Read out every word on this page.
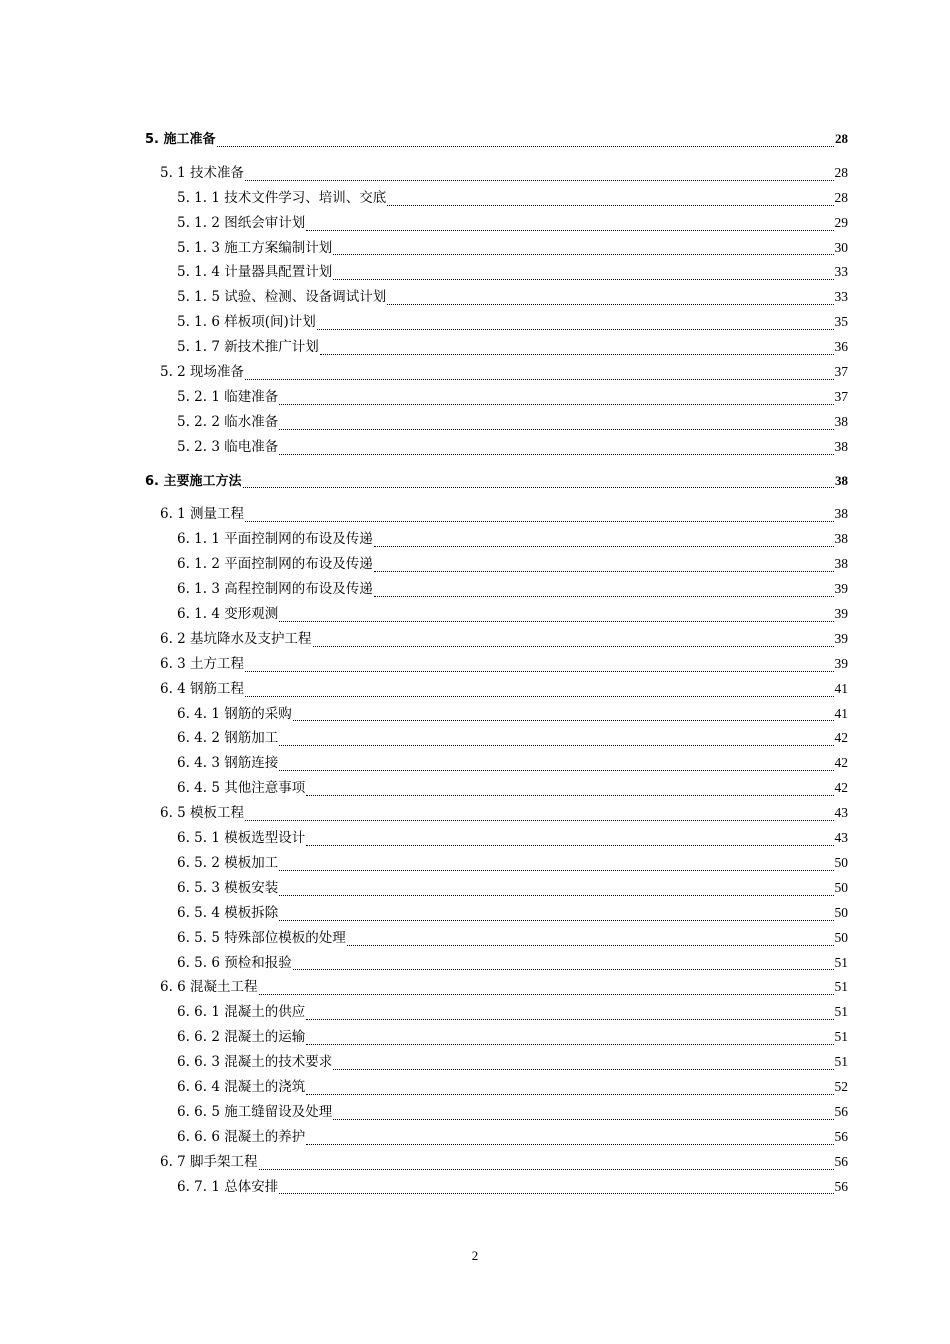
5. 施工准备	28
5. 1 技术准备	28
5. 1. 1 技术文件学习、培训、交底	28
5. 1. 2 图纸会审计划	29
5. 1. 3 施工方案编制计划	30
5. 1. 4 计量器具配置计划	33
5. 1. 5 试验、检测、设备调试计划	33
5. 1. 6 样板项(间)计划	35
5. 1. 7 新技术推广计划	36
5. 2 现场准备	37
5. 2. 1 临建准备	37
5. 2. 2 临水准备	38
5. 2. 3 临电准备	38
6. 主要施工方法	38
6. 1 测量工程	38
6. 1. 1 平面控制网的布设及传递	38
6. 1. 2 平面控制网的布设及传递	38
6. 1. 3 高程控制网的布设及传递	39
6. 1. 4 变形观测	39
6. 2 基坑降水及支护工程	39
6. 3 土方工程	39
6. 4 钢筋工程	41
6. 4. 1 钢筋的采购	41
6. 4. 2 钢筋加工	42
6. 4. 3 钢筋连接	42
6. 4. 5 其他注意事项	42
6. 5 模板工程	43
6. 5. 1 模板选型设计	43
6. 5. 2 模板加工	50
6. 5. 3 模板安装	50
6. 5. 4 模板拆除	50
6. 5. 5 特殊部位模板的处理	50
6. 5. 6 预检和报验	51
6. 6 混凝土工程	51
6. 6. 1 混凝土的供应	51
6. 6. 2 混凝土的运输	51
6. 6. 3 混凝土的技术要求	51
6. 6. 4 混凝土的浇筑	52
6. 6. 5 施工缝留设及处理	56
6. 6. 6 混凝土的养护	56
6. 7 脚手架工程	56
6. 7. 1 总体安排	56
2
